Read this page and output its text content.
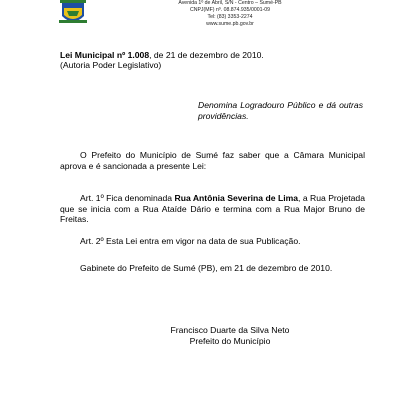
Avenida 1º de Abril, S/N - Centro – Sumé-PB
CNPJ(MF) nº. 08.874.935/0001-09
Tel: (83) 3353-2274
www.sume.pb.gov.br
Lei Municipal nº 1.008, de 21 de dezembro de 2010.
(Autoria Poder Legislativo)
Denomina Logradouro Público e dá outras providências.
O Prefeito do Município de Sumé faz saber que a Câmara Municipal aprova e é sancionada a presente Lei:
Art. 1º Fica denominada Rua Antônia Severina de Lima, a Rua Projetada que se inicia com a Rua Ataíde Dário e termina com a Rua Major Bruno de Freitas.
Art. 2º Esta Lei entra em vigor na data de sua Publicação.
Gabinete do Prefeito de Sumé (PB), em 21 de dezembro de 2010.
Francisco Duarte da Silva Neto
Prefeito do Município
